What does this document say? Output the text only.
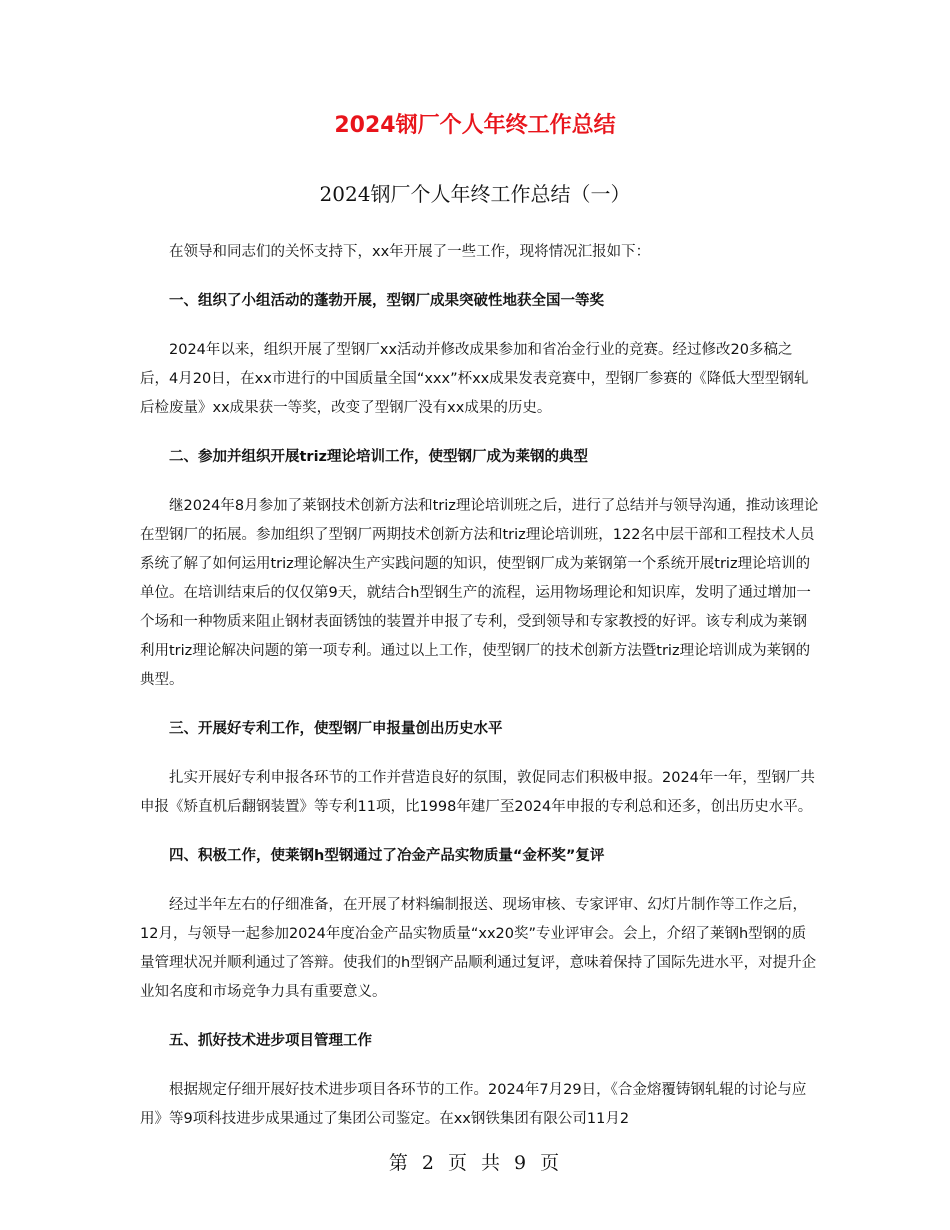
2024钢厂个人年终工作总结
2024钢厂个人年终工作总结（一）

在领导和同志们的关怀支持下，xx年开展了一些工作，现将情况汇报如下：

一、组织了小组活动的蓬勃开展，型钢厂成果突破性地获全国一等奖

2024年以来，组织开展了型钢厂xx活动并修改成果参加和省冶金行业的竞赛。经过修改20多稿之后，4月20日，在xx市进行的中国质量全国“xxx”杯xx成果发表竞赛中，型钢厂参赛的《降低大型型钢轧后检废量》xx成果获一等奖，改变了型钢厂没有xx成果的历史。

二、参加并组织开展triz理论培训工作，使型钢厂成为莱钢的典型

继2024年8月参加了莱钢技术创新方法和triz理论培训班之后，进行了总结并与领导沟通，推动该理论在型钢厂的拓展。参加组织了型钢厂两期技术创新方法和triz理论培训班，122名中层干部和工程技术人员系统了解了如何运用triz理论解决生产实践问题的知识，使型钢厂成为莱钢第一个系统开展triz理论培训的单位。在培训结束后的仅仅第9天，就结合h型钢生产的流程，运用物场理论和知识库，发明了通过增加一个场和一种物质来阻止钢材表面锈蚀的装置并申报了专利，受到领导和专家教授的好评。该专利成为莱钢利用triz理论解决问题的第一项专利。通过以上工作，使型钢厂的技术创新方法暨triz理论培训成为莱钢的典型。

三、开展好专利工作，使型钢厂申报量创出历史水平

扎实开展好专利申报各环节的工作并营造良好的氛围，敦促同志们积极申报。2024年一年，型钢厂共申报《矫直机后翻钢装置》等专利11项，比1998年建厂至2024年申报的专利总和还多，创出历史水平。

四、积极工作，使莱钢h型钢通过了冶金产品实物质量“金杯奖”复评

经过半年左右的仔细准备，在开展了材料编制报送、现场审核、专家评审、幻灯片制作等工作之后，12月，与领导一起参加2024年度冶金产品实物质量“xx20奖”专业评审会。会上，介绍了莱钢h型钢的质量管理状况并顺利通过了答辩。使我们的h型钢产品顺利通过复评，意味着保持了国际先进水平，对提升企业知名度和市场竞争力具有重要意义。

五、抓好技术进步项目管理工作

根据规定仔细开展好技术进步项目各环节的工作。2024年7月29日，《合金熔覆铸钢轧辊的讨论与应用》等9项科技进步成果通过了集团公司鉴定。在xx钢铁集团有限公司11月2

第 2 页 共 9 页
